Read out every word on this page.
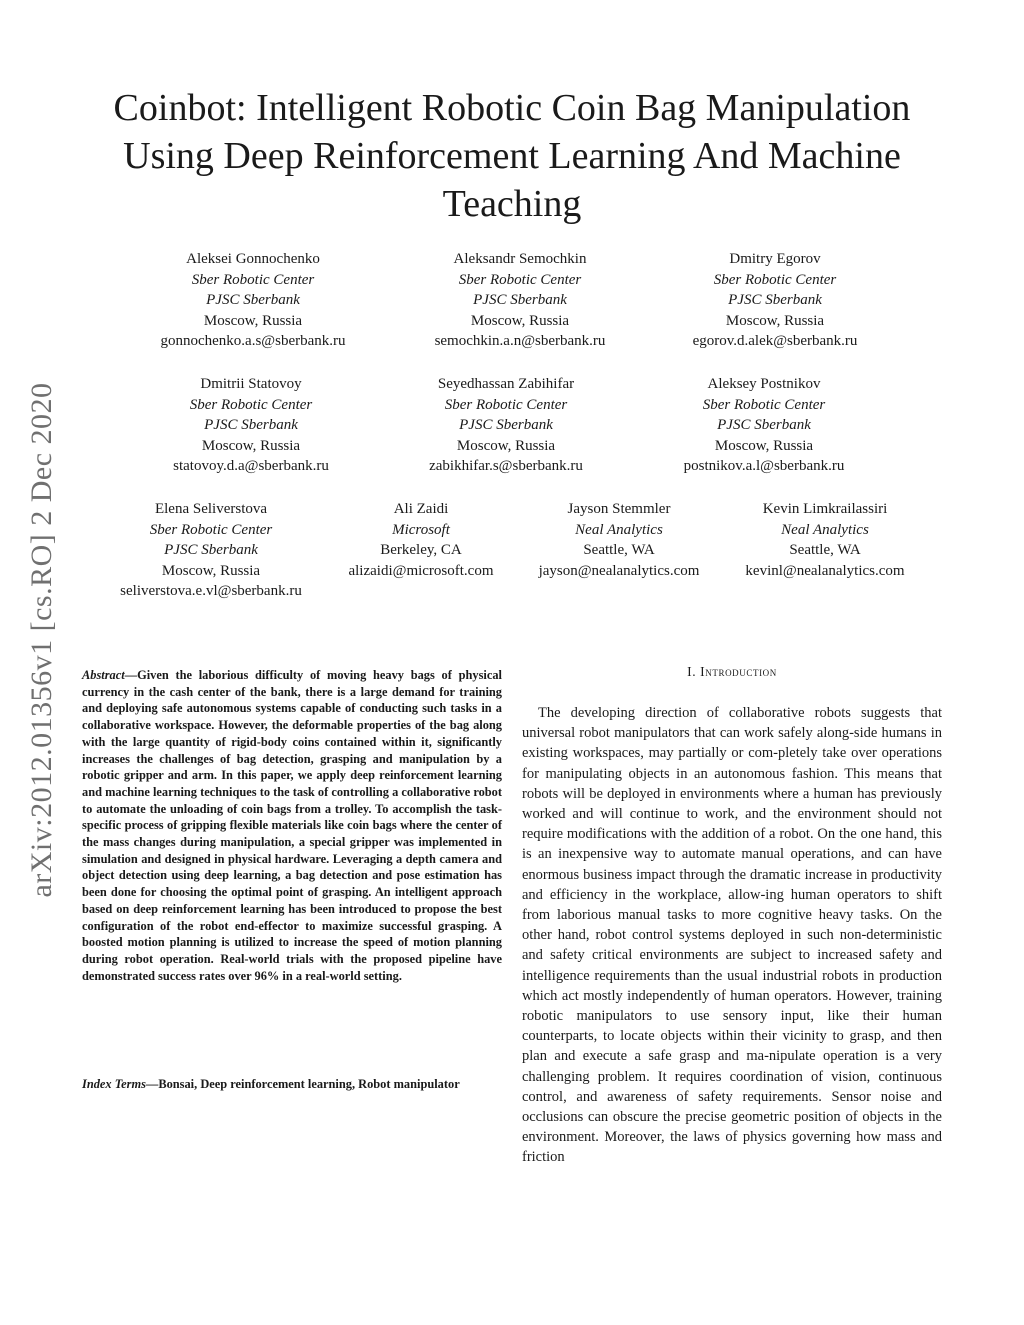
arXiv:2012.01356v1 [cs.RO] 2 Dec 2020
Coinbot: Intelligent Robotic Coin Bag Manipulation
Using Deep Reinforcement Learning And Machine
Teaching
Aleksei Gonnochenko
Sber Robotic Center
PJSC Sberbank
Moscow, Russia
gonnochenko.a.s@sberbank.ru
Aleksandr Semochkin
Sber Robotic Center
PJSC Sberbank
Moscow, Russia
semochkin.a.n@sberbank.ru
Dmitry Egorov
Sber Robotic Center
PJSC Sberbank
Moscow, Russia
egorov.d.alek@sberbank.ru
Dmitrii Statovoy
Sber Robotic Center
PJSC Sberbank
Moscow, Russia
statovoy.d.a@sberbank.ru
Seyedhassan Zabihifar
Sber Robotic Center
PJSC Sberbank
Moscow, Russia
zabikhifar.s@sberbank.ru
Aleksey Postnikov
Sber Robotic Center
PJSC Sberbank
Moscow, Russia
postnikov.a.l@sberbank.ru
Elena Seliverstova
Sber Robotic Center
PJSC Sberbank
Moscow, Russia
seliverstova.e.vl@sberbank.ru
Ali Zaidi
Microsoft
Berkeley, CA
alizaidi@microsoft.com
Jayson Stemmler
Neal Analytics
Seattle, WA
jayson@nealanalytics.com
Kevin Limkrailassiri
Neal Analytics
Seattle, WA
kevinl@nealanalytics.com
Abstract—Given the laborious difficulty of moving heavy bags of physical currency in the cash center of the bank, there is a large demand for training and deploying safe autonomous systems capable of conducting such tasks in a collaborative workspace. However, the deformable properties of the bag along with the large quantity of rigid-body coins contained within it, significantly increases the challenges of bag detection, grasping and manipulation by a robotic gripper and arm. In this paper, we apply deep reinforcement learning and machine learning techniques to the task of controlling a collaborative robot to automate the unloading of coin bags from a trolley. To accomplish the task-specific process of gripping flexible materials like coin bags where the center of the mass changes during manipulation, a special gripper was implemented in simulation and designed in physical hardware. Leveraging a depth camera and object detection using deep learning, a bag detection and pose estimation has been done for choosing the optimal point of grasping. An intelligent approach based on deep reinforcement learning has been introduced to propose the best configuration of the robot end-effector to maximize successful grasping. A boosted motion planning is utilized to increase the speed of motion planning during robot operation. Real-world trials with the proposed pipeline have demonstrated success rates over 96% in a real-world setting.
Index Terms—Bonsai, Deep reinforcement learning, Robot manipulator
I. Introduction

The developing direction of collaborative robots suggests that universal robot manipulators that can work safely along-side humans in existing workspaces, may partially or com-pletely take over operations for manipulating objects in an autonomous fashion. This means that robots will be deployed in environments where a human has previously worked and will continue to work, and the environment should not require modifications with the addition of a robot. On the one hand, this is an inexpensive way to automate manual operations, and can have enormous business impact through the dramatic increase in productivity and efficiency in the workplace, allow-ing human operators to shift from laborious manual tasks to more cognitive heavy tasks. On the other hand, robot control systems deployed in such non-deterministic and safety critical environments are subject to increased safety and intelligence requirements than the usual industrial robots in production which act mostly independently of human operators. However, training robotic manipulators to use sensory input, like their human counterparts, to locate objects within their vicinity to grasp, and then plan and execute a safe grasp and ma-nipulate operation is a very challenging problem. It requires coordination of vision, continuous control, and awareness of safety requirements. Sensor noise and occlusions can obscure the precise geometric position of objects in the environment. Moreover, the laws of physics governing how mass and friction
